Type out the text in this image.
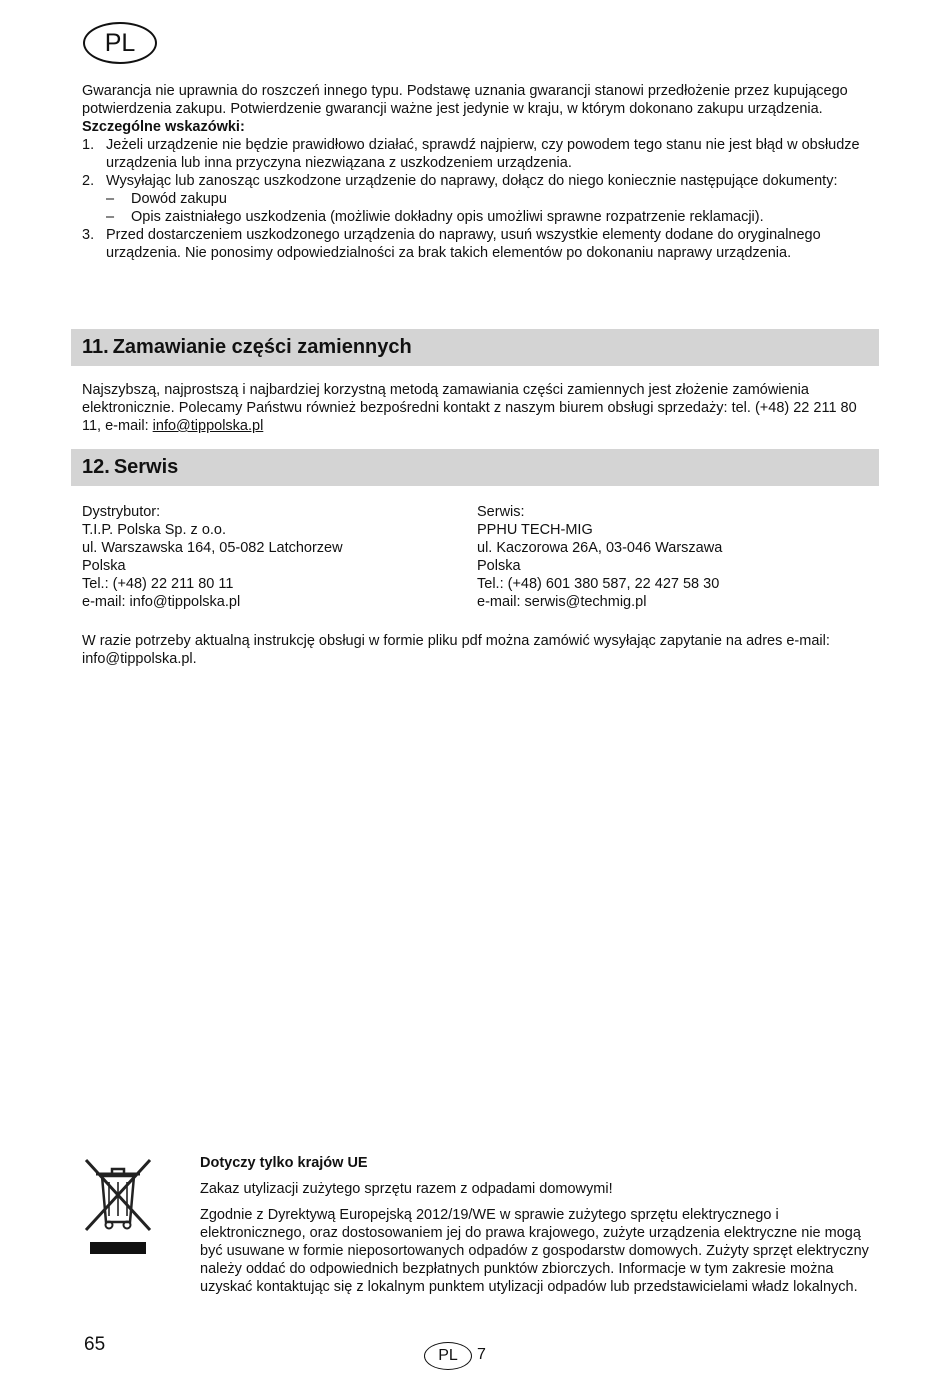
PL

Gwarancja nie uprawnia do roszczeń innego typu. Podstawę uznania gwarancji stanowi przedłożenie przez kupującego potwierdzenia zakupu. Potwierdzenie gwarancji ważne jest jedynie w kraju, w którym dokonano zakupu urządzenia.

Szczególne wskazówki:

1. Jeżeli urządzenie nie będzie prawidłowo działać, sprawdź najpierw, czy powodem tego stanu nie jest błąd w obsłudze urządzenia lub inna przyczyna niezwiązana z uszkodzeniem urządzenia.
2. Wysyłając lub zanosząc uszkodzone urządzenie do naprawy, dołącz do niego koniecznie następujące dokumenty:
– Dowód zakupu
– Opis zaistniałego uszkodzenia (możliwie dokładny opis umożliwi sprawne rozpatrzenie reklamacji).
3. Przed dostarczeniem uszkodzonego urządzenia do naprawy, usuń wszystkie elementy dodane do oryginalnego urządzenia. Nie ponosimy odpowiedzialności za brak takich elementów po dokonaniu naprawy urządzenia.
11. Zamawianie części zamiennych

Najszybszą, najprostszą i najbardziej korzystną metodą zamawiania części zamiennych jest złożenie zamówienia elektronicznie. Polecamy Państwu również bezpośredni kontakt z naszym biurem obsługi sprzedaży: tel. (+48) 22 211 80 11, e-mail: info@tippolska.pl

12. Serwis
Dystrybutor:
T.I.P. Polska Sp. z o.o.
ul. Warszawska 164, 05-082 Latchorzew
Polska
Tel.: (+48) 22 211 80 11
e-mail: info@tippolska.pl
Serwis:
PPHU TECH-MIG
ul. Kaczorowa 26A, 03-046 Warszawa
Polska
Tel.: (+48) 601 380 587, 22 427 58 30
e-mail: serwis@techmig.pl

W razie potrzeby aktualną instrukcję obsługi w formie pliku pdf można zamówić wysyłając zapytanie na adres e-mail: info@tippolska.pl.

Dotyczy tylko krajów UE

Zakaz utylizacji zużytego sprzętu razem z odpadami domowymi!

Zgodnie z Dyrektywą Europejską 2012/19/WE w sprawie zużytego sprzętu elektrycznego i elektronicznego, oraz dostosowaniem jej do prawa krajowego, zużyte urządzenia elektryczne nie mogą być usuwane w formie nieposortowanych odpadów z gospodarstw domowych. Zużyty sprzęt elektryczny należy oddać do odpowiednich bezpłatnych punktów zbiorczych. Informacje w tym zakresie można uzyskać kontaktując się z lokalnym punktem utylizacji odpadów lub przedstawicielami władz lokalnych.

65
PL	7
